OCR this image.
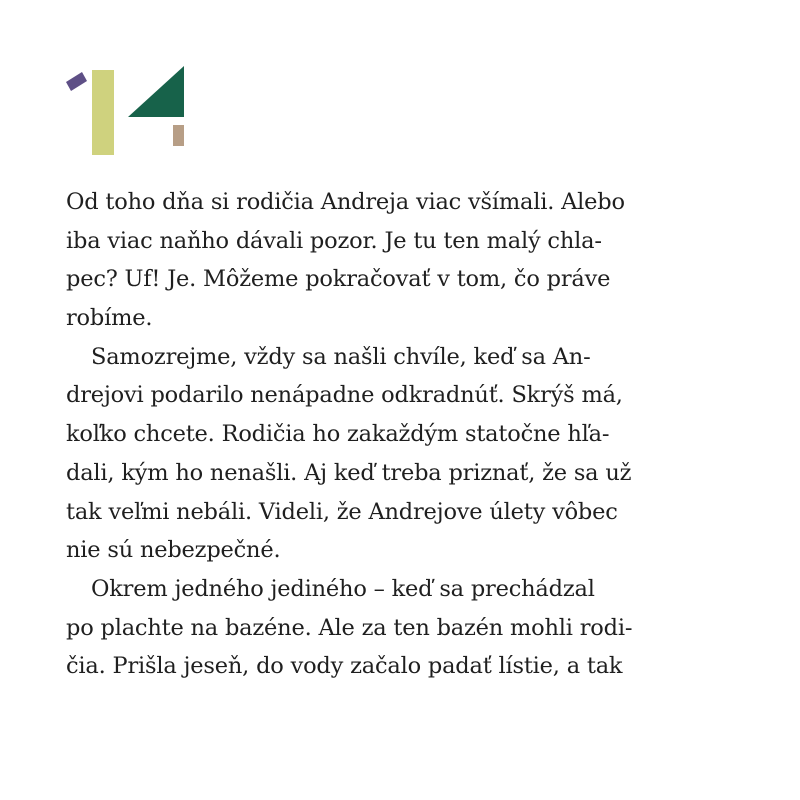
Od toho dňa si rodičia Andreja viac všímali. Alebo
iba viac naňho dávali pozor. Je tu ten malý chla-
pec? Uf! Je. Môžeme pokračovať v tom, čo práve
robíme.
Samozrejme, vždy sa našli chvíle, keď sa An-
drejovi podarilo nenápadne odkradnúť. Skrýš má,
koľko chcete. Rodičia ho zakaždým statočne hľa-
dali, kým ho nenašli. Aj keď treba priznať, že sa už
tak veľmi nebáli. Videli, že Andrejove úlety vôbec
nie sú nebezpečné.
Okrem jedného jediného – keď sa prechádzal
po plachte na bazéne. Ale za ten bazén mohli rodi-
čia. Prišla jeseň, do vody začalo padať lístie, a tak
